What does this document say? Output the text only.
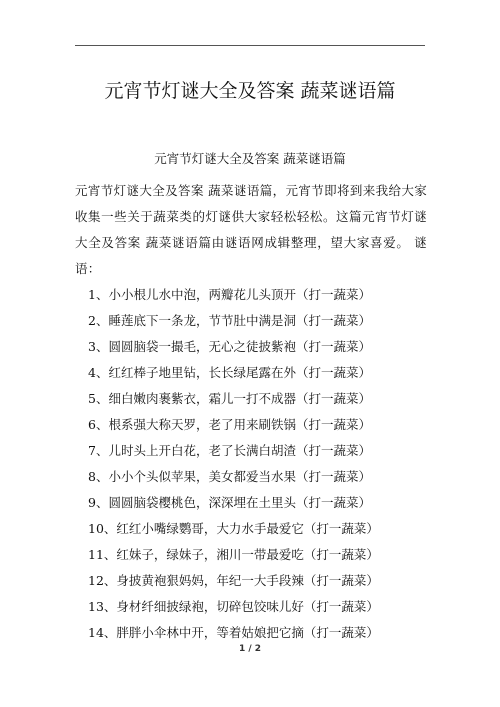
元宵节灯谜大全及答案 蔬菜谜语篇
元宵节灯谜大全及答案 蔬菜谜语篇

元宵节灯谜大全及答案 蔬菜谜语篇，元宵节即将到来我给大家收集一些关于蔬菜类的灯谜供大家轻松轻松。这篇元宵节灯谜大全及答案 蔬菜谜语篇由谜语网成辑整理，望大家喜爱。 谜语：

1、小小根儿水中泡，两瓣花儿头顶开（打一蔬菜）
2、睡莲底下一条龙，节节肚中满是洞（打一蔬菜）
3、圆圆脑袋一撮毛，无心之徒披紫袍（打一蔬菜）
4、红红棒子地里钻，长长绿尾露在外（打一蔬菜）
5、细白嫩肉裹紫衣，霜儿一打不成器（打一蔬菜）
6、根系强大称天罗，老了用来刷铁锅（打一蔬菜）
7、儿时头上开白花，老了长满白胡渣（打一蔬菜）
8、小小个头似苹果，美女都爱当水果（打一蔬菜）
9、圆圆脑袋樱桃色，深深埋在土里头（打一蔬菜）
10、红红小嘴绿鹦哥，大力水手最爱它（打一蔬菜）
11、红妹子，绿妹子，湘川一带最爱吃（打一蔬菜）
12、身披黄袍狠妈妈，年纪一大手段辣（打一蔬菜）
13、身材纤细披绿袍，切碎包饺味儿好（打一蔬菜）
14、胖胖小伞林中开，等着姑娘把它摘（打一蔬菜）
1 / 2
